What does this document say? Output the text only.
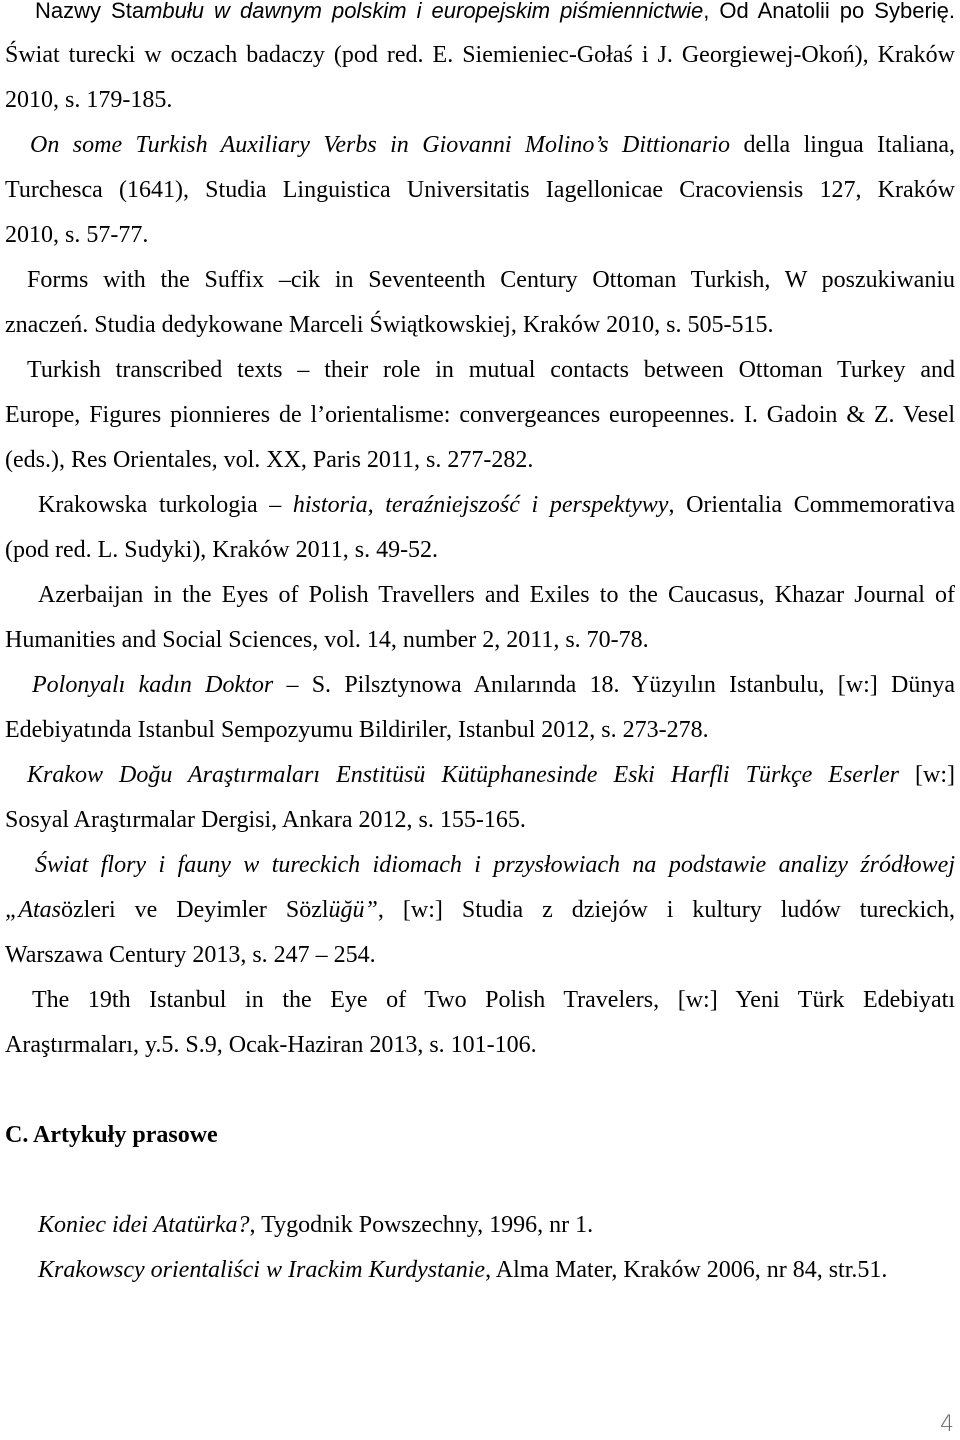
Nazwy Stambułu w dawnym polskim i europejskim piśmiennictwie, Od Anatolii po Syberię.
Świat turecki w oczach badaczy (pod red. E. Siemieniec-Gołaś i J. Georgiewej-Okoń), Kraków
2010, s. 179-185.
On some Turkish Auxiliary Verbs in Giovanni Molino’s Dittionario della lingua Italiana,
Turchesca (1641), Studia Linguistica Universitatis Iagellonicae Cracoviensis 127, Kraków
2010, s. 57-77.
Forms with the Suffix –cik in Seventeenth Century Ottoman Turkish, W poszukiwaniu
znaczeń. Studia dedykowane Marceli Świątkowskiej, Kraków 2010, s. 505-515.
Turkish transcribed texts – their role in mutual contacts between Ottoman Turkey and
Europe, Figures pionnieres de l’orientalisme: convergeances europeennes. I. Gadoin & Z. Vesel
(eds.), Res Orientales, vol. XX, Paris 2011, s. 277-282.
Krakowska turkologia – historia, teraźniejszość i perspektywy, Orientalia Commemorativa
(pod red. L. Sudyki), Kraków 2011, s. 49-52.
Azerbaijan in the Eyes of Polish Travellers and Exiles to the Caucasus, Khazar Journal of
Humanities and Social Sciences, vol. 14, number 2, 2011, s. 70-78.
Polonyalı kadın Doktor – S. Pilsztynowa Anılarında 18. Yüzyılın Istanbulu, [w:] Dünya
Edebiyatında Istanbul Sempozyumu Bildiriler, Istanbul 2012, s. 273-278.
Krakow Doğu Araştırmaları Enstitüsü Kütüphanesinde Eski Harfli Türkçe Eserler [w:]
Sosyal Araştırmalar Dergisi, Ankara 2012, s. 155-165.
Świat flory i fauny w tureckich idiomach i przysłowiach na podstawie analizy źródłowej
„Atasözleri ve Deyimler Sözlüğü”, [w:] Studia z dziejów i kultury ludów tureckich,
Warszawa Century 2013, s. 247 – 254.
The 19th Istanbul in the Eye of Two Polish Travelers, [w:] Yeni Türk Edebiyatı
Araştırmaları, y.5. S.9, Ocak-Haziran 2013, s. 101-106.
C. Artykuły prasowe
Koniec idei Atatürka?, Tygodnik Powszechny, 1996, nr 1.
Krakowscy orientaliści w Irackim Kurdystanie, Alma Mater, Kraków 2006, nr 84, str.51.
4
